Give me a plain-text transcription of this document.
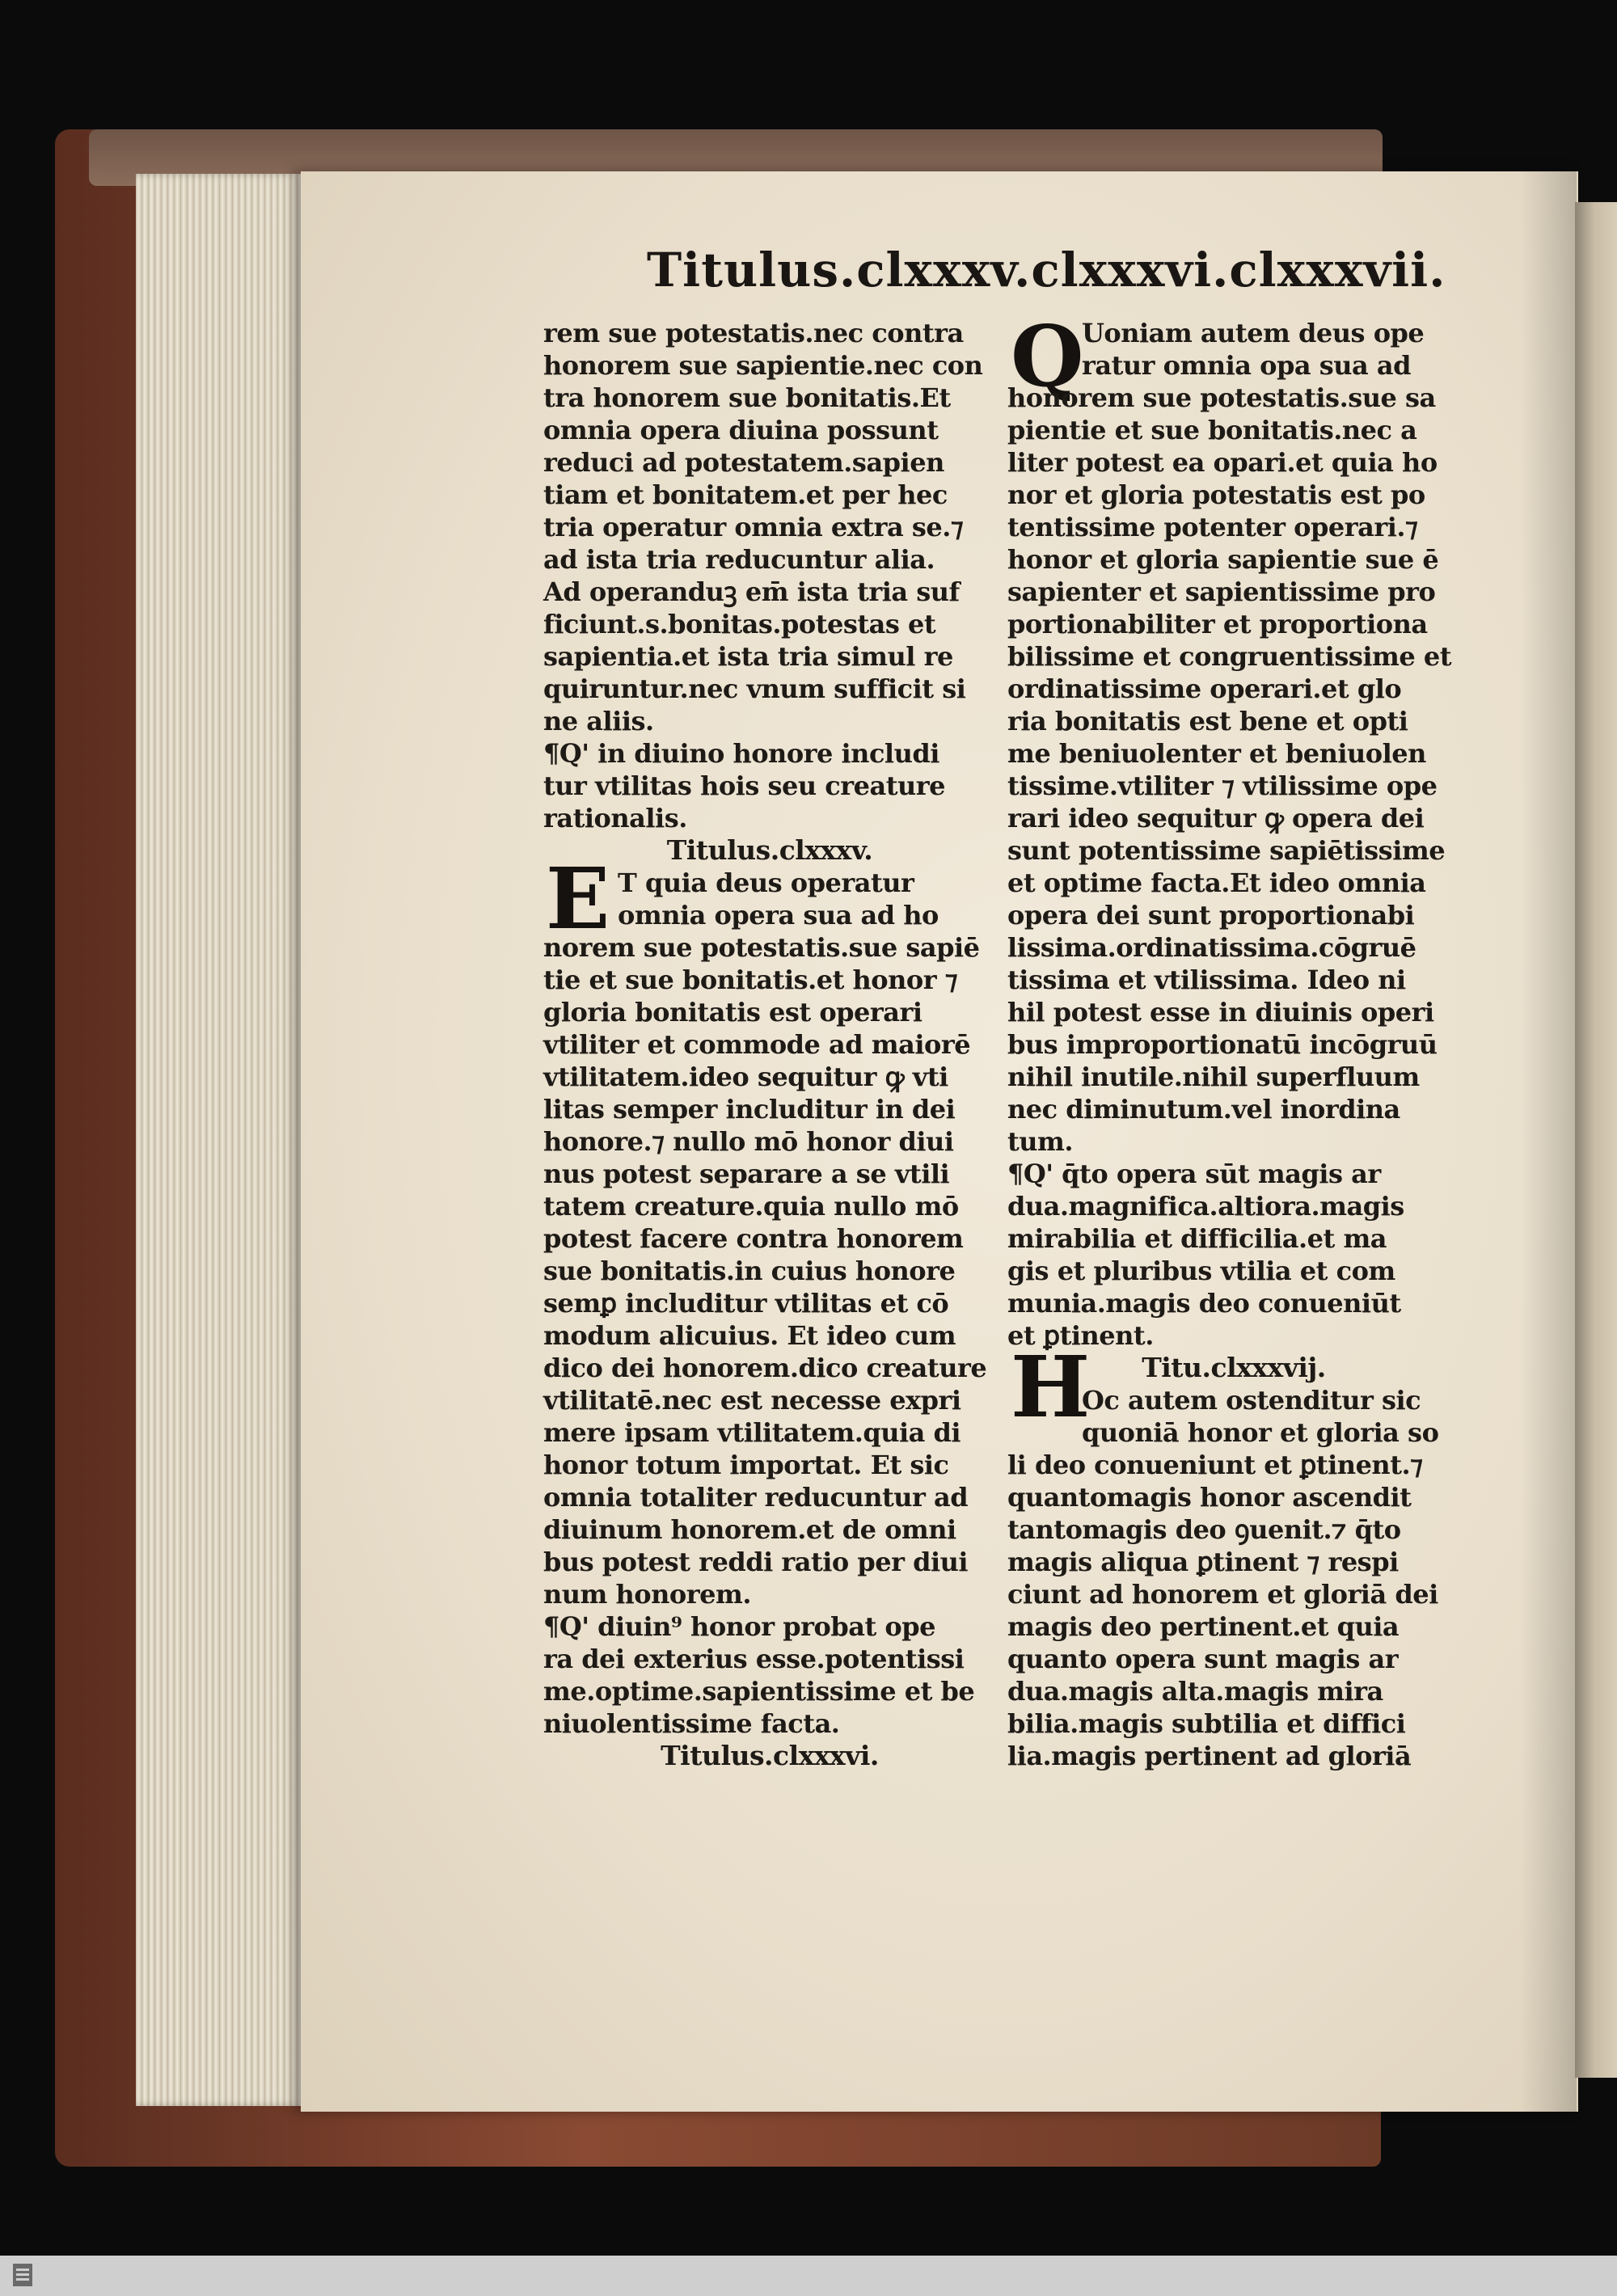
Titulus.clxxxv.clxxxvi.clxxxvii.
E
Q
H
rem sue potestatis.nec contra
honorem sue sapientie.nec con
tra honorem sue bonitatis.Et
omnia opera diuina possunt
reduci ad potestatem.sapien
tiam et bonitatem.et per hec
tria operatur omnia extra se.⁊
ad ista tria reducuntur alia.
Ad operanduꝫ em̄ ista tria suf
ficiunt.s.bonitas.potestas et
sapientia.et ista tria simul re
quiruntur.nec vnum sufficit si
ne aliis.
¶Q' in diuino honore includi
tur vtilitas hois seu creature
rationalis.
Titulus.clxxxv.
T quia deus operatur
omnia opera sua ad ho
norem sue potestatis.sue sapiē
tie et sue bonitatis.et honor ⁊
gloria bonitatis est operari
vtiliter et commode ad maiorē
vtilitatem.ideo sequitur ꝙ vti
litas semper includitur in dei
honore.⁊ nullo mō honor diui
nus potest separare a se vtili
tatem creature.quia nullo mō
potest facere contra honorem
sue bonitatis.in cuius honore
semꝑ includitur vtilitas et cō
modum alicuius. Et ideo cum
dico dei honorem.dico creature
vtilitatē.nec est necesse expri
mere ipsam vtilitatem.quia di
honor totum importat. Et sic
omnia totaliter reducuntur ad
diuinum honorem.et de omni
bus potest reddi ratio per diui
num honorem.
¶Q' diuin⁹ honor probat ope
ra dei exterius esse.potentissi
me.optime.sapientissime et be
niuolentissime facta.
Titulus.clxxxvi.
Uoniam autem deus ope
ratur omnia opa sua ad
honorem sue potestatis.sue sa
pientie et sue bonitatis.nec a
liter potest ea opari.et quia ho
nor et gloria potestatis est po
tentissime potenter operari.⁊
honor et gloria sapientie sue ē
sapienter et sapientissime pro
portionabiliter et proportiona
bilissime et congruentissime et
ordinatissime operari.et glo
ria bonitatis est bene et opti
me beniuolenter et beniuolen
tissime.vtiliter ⁊ vtilissime ope
rari ideo sequitur ꝙ opera dei
sunt potentissime sapiētissime
et optime facta.Et ideo omnia
opera dei sunt proportionabi
lissima.ordinatissima.cōgruē
tissima et vtilissima. Ideo ni
hil potest esse in diuinis operi
bus improportionatū incōgruū
nihil inutile.nihil superfluum
nec diminutum.vel inordina
tum.
¶Q' q̄to opera sūt magis ar
dua.magnifica.altiora.magis
mirabilia et difficilia.et ma
gis et pluribus vtilia et com
munia.magis deo conueniūt
et ꝑtinent.
Titu.clxxxvij.
Oc autem ostenditur sic
quoniā honor et gloria so
li deo conueniunt et ꝑtinent.⁊
quantomagis honor ascendit
tantomagis deo ꝯuenit.⁊ q̄to
magis aliqua ꝑtinent ⁊ respi
ciunt ad honorem et gloriā dei
magis deo pertinent.et quia
quanto opera sunt magis ar
dua.magis alta.magis mira
bilia.magis subtilia et diffici
lia.magis pertinent ad gloriā
